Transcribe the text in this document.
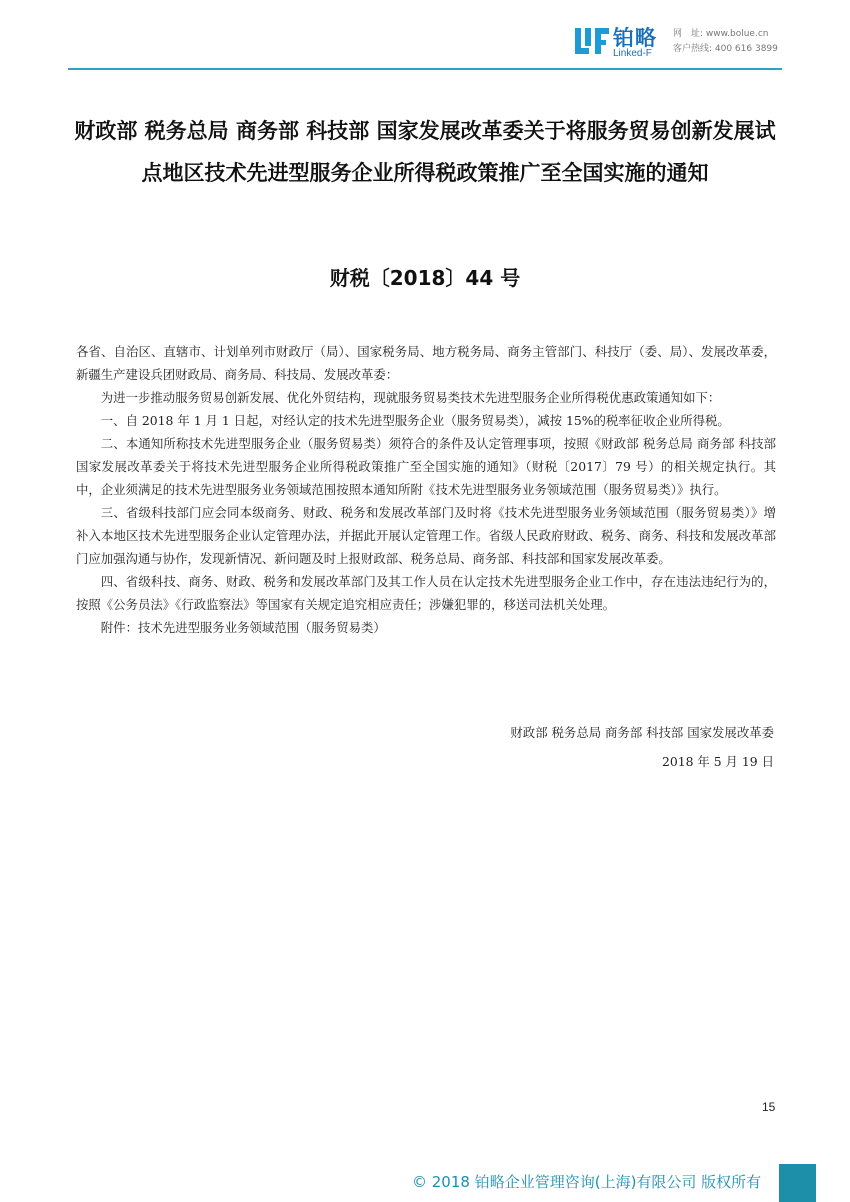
铂略
Linked-F
网　址: www.bolue.cn
客户热线: 400 616 3899
财政部 税务总局 商务部 科技部 国家发展改革委关于将服务贸易创新发展试点地区技术先进型服务企业所得税政策推广至全国实施的通知
财税〔2018〕44 号

各省、自治区、直辖市、计划单列市财政厅（局）、国家税务局、地方税务局、商务主管部门、科技厅（委、局）、发展改革委，新疆生产建设兵团财政局、商务局、科技局、发展改革委：

为进一步推动服务贸易创新发展、优化外贸结构，现就服务贸易类技术先进型服务企业所得税优惠政策通知如下：

一、自 2018 年 1 月 1 日起，对经认定的技术先进型服务企业（服务贸易类），减按 15%的税率征收企业所得税。

二、本通知所称技术先进型服务企业（服务贸易类）须符合的条件及认定管理事项，按照《财政部 税务总局 商务部 科技部 国家发展改革委关于将技术先进型服务企业所得税政策推广至全国实施的通知》（财税〔2017〕79 号）的相关规定执行。其中，企业须满足的技术先进型服务业务领域范围按照本通知所附《技术先进型服务业务领域范围（服务贸易类）》执行。

三、省级科技部门应会同本级商务、财政、税务和发展改革部门及时将《技术先进型服务业务领域范围（服务贸易类）》增补入本地区技术先进型服务企业认定管理办法，并据此开展认定管理工作。省级人民政府财政、税务、商务、科技和发展改革部门应加强沟通与协作，发现新情况、新问题及时上报财政部、税务总局、商务部、科技部和国家发展改革委。

四、省级科技、商务、财政、税务和发展改革部门及其工作人员在认定技术先进型服务企业工作中，存在违法违纪行为的，按照《公务员法》《行政监察法》等国家有关规定追究相应责任；涉嫌犯罪的，移送司法机关处理。

附件：技术先进型服务业务领域范围（服务贸易类）

财政部 税务总局 商务部 科技部 国家发展改革委
2018 年 5 月 19 日
15
© 2018 铂略企业管理咨询(上海)有限公司 版权所有
